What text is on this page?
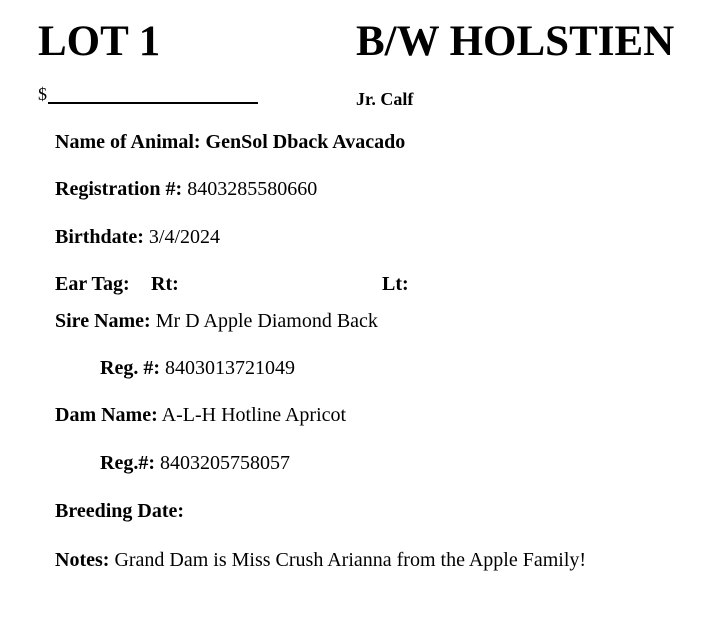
LOT 1	B/W HOLSTIEN
$	Jr. Calf
Name of Animal: GenSol Dback Avacado
Registration #: 8403285580660
Birthdate: 3/4/2024
Ear Tag: Rt:	Lt:
Sire Name: Mr D Apple Diamond Back
Reg. #: 8403013721049
Dam Name: A-L-H Hotline Apricot
Reg.#: 8403205758057
Breeding Date:
Notes: Grand Dam is Miss Crush Arianna from the Apple Family!
